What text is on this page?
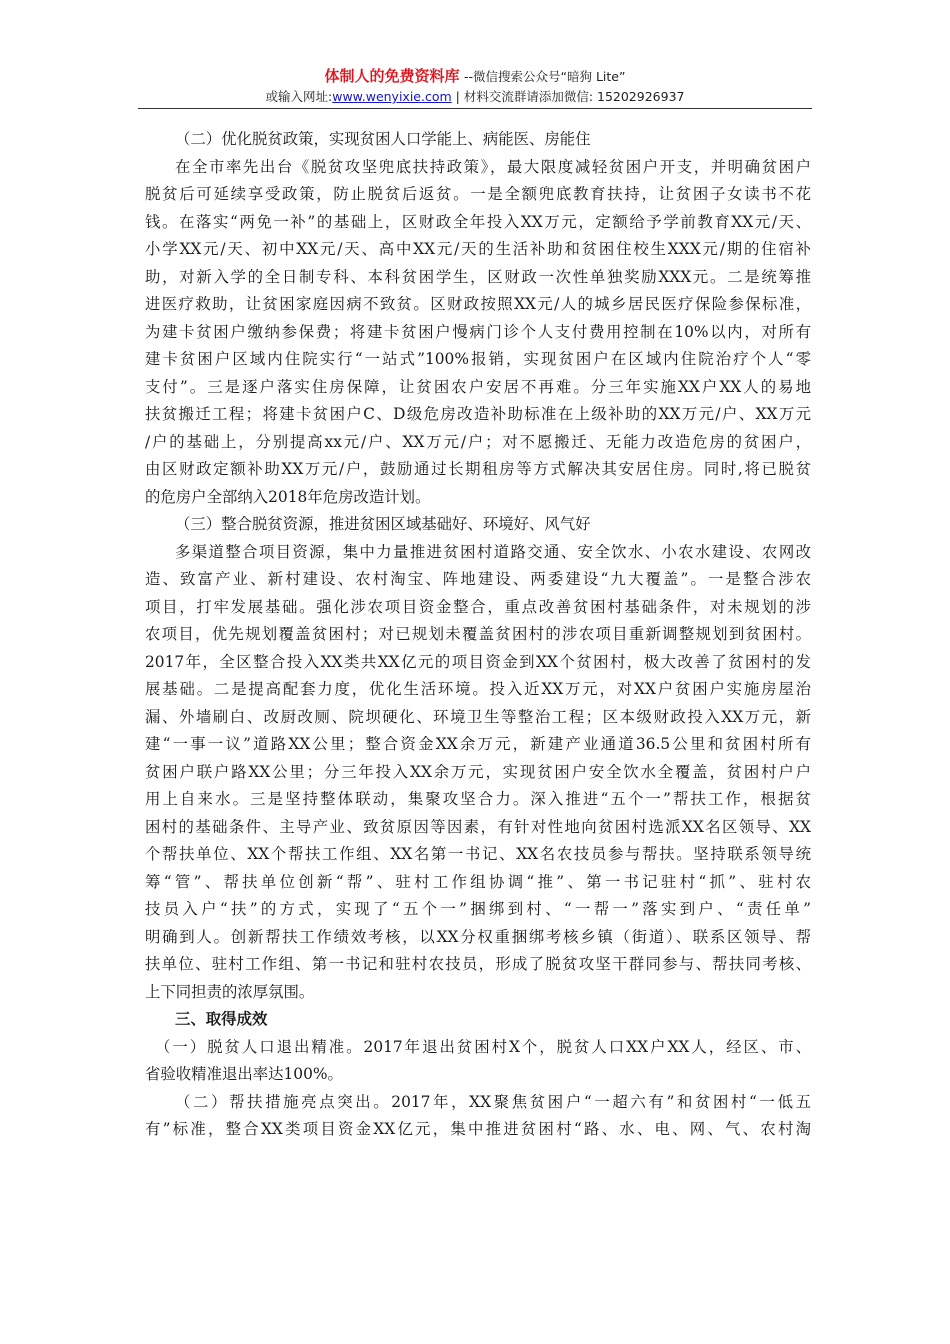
体制人的免费资料库 --微信搜索公众号“暗狗 Lite”
或输入网址:www.wenyixie.com | 材料交流群请添加微信: 15202926937
（二）优化脱贫政策，实现贫困人口学能上、病能医、房能住
在全市率先出台《脱贫攻坚兜底扶持政策》，最大限度减轻贫困户开支，并明确贫困户
脱贫后可延续享受政策，防止脱贫后返贫。一是全额兜底教育扶持，让贫困子女读书不花
钱。在落实“两免一补”的基础上，区财政全年投入XX万元，定额给予学前教育XX元/天、
小学XX元/天、初中XX元/天、高中XX元/天的生活补助和贫困住校生XXX元/期的住宿补
助，对新入学的全日制专科、本科贫困学生，区财政一次性单独奖励XXX元。二是统筹推
进医疗救助，让贫困家庭因病不致贫。区财政按照XX元/人的城乡居民医疗保险参保标准，
为建卡贫困户缴纳参保费；将建卡贫困户慢病门诊个人支付费用控制在10%以内，对所有
建卡贫困户区域内住院实行“一站式”100%报销，实现贫困户在区域内住院治疗个人“零
支付”。三是逐户落实住房保障，让贫困农户安居不再难。分三年实施XX户XX人的易地
扶贫搬迁工程；将建卡贫困户C、D级危房改造补助标准在上级补助的XX万元/户、XX万元
/户的基础上，分别提高xx元/户、XX万元/户；对不愿搬迁、无能力改造危房的贫困户，
由区财政定额补助XX万元/户，鼓励通过长期租房等方式解决其安居住房。同时,将已脱贫
的危房户全部纳入2018年危房改造计划。
（三）整合脱贫资源，推进贫困区域基础好、环境好、风气好
多渠道整合项目资源，集中力量推进贫困村道路交通、安全饮水、小农水建设、农网改
造、致富产业、新村建设、农村淘宝、阵地建设、两委建设“九大覆盖”。一是整合涉农
项目，打牢发展基础。强化涉农项目资金整合，重点改善贫困村基础条件，对未规划的涉
农项目，优先规划覆盖贫困村；对已规划未覆盖贫困村的涉农项目重新调整规划到贫困村。
2017年，全区整合投入XX类共XX亿元的项目资金到XX个贫困村，极大改善了贫困村的发
展基础。二是提高配套力度，优化生活环境。投入近XX万元，对XX户贫困户实施房屋治
漏、外墙刷白、改厨改厕、院坝硬化、环境卫生等整治工程；区本级财政投入XX万元，新
建“一事一议”道路XX公里；整合资金XX余万元，新建产业通道36.5公里和贫困村所有
贫困户联户路XX公里；分三年投入XX余万元，实现贫困户安全饮水全覆盖，贫困村户户
用上自来水。三是坚持整体联动，集聚攻坚合力。深入推进“五个一”帮扶工作，根据贫
困村的基础条件、主导产业、致贫原因等因素，有针对性地向贫困村选派XX名区领导、XX
个帮扶单位、XX个帮扶工作组、XX名第一书记、XX名农技员参与帮扶。坚持联系领导统
筹“管”、帮扶单位创新“帮”、驻村工作组协调“推”、第一书记驻村“抓”、驻村农
技员入户“扶”的方式，实现了“五个一”捆绑到村、“一帮一”落实到户、“责任单”
明确到人。创新帮扶工作绩效考核，以XX分权重捆绑考核乡镇（街道）、联系区领导、帮
扶单位、驻村工作组、第一书记和驻村农技员，形成了脱贫攻坚干群同参与、帮扶同考核、
上下同担责的浓厚氛围。
三、取得成效
（一）脱贫人口退出精准。2017年退出贫困村X个，脱贫人口XX户XX人，经区、市、
省验收精准退出率达100%。
（二）帮扶措施亮点突出。2017年，XX聚焦贫困户“一超六有”和贫困村“一低五
有”标准，整合XX类项目资金XX亿元，集中推进贫困村“路、水、电、网、气、农村淘
